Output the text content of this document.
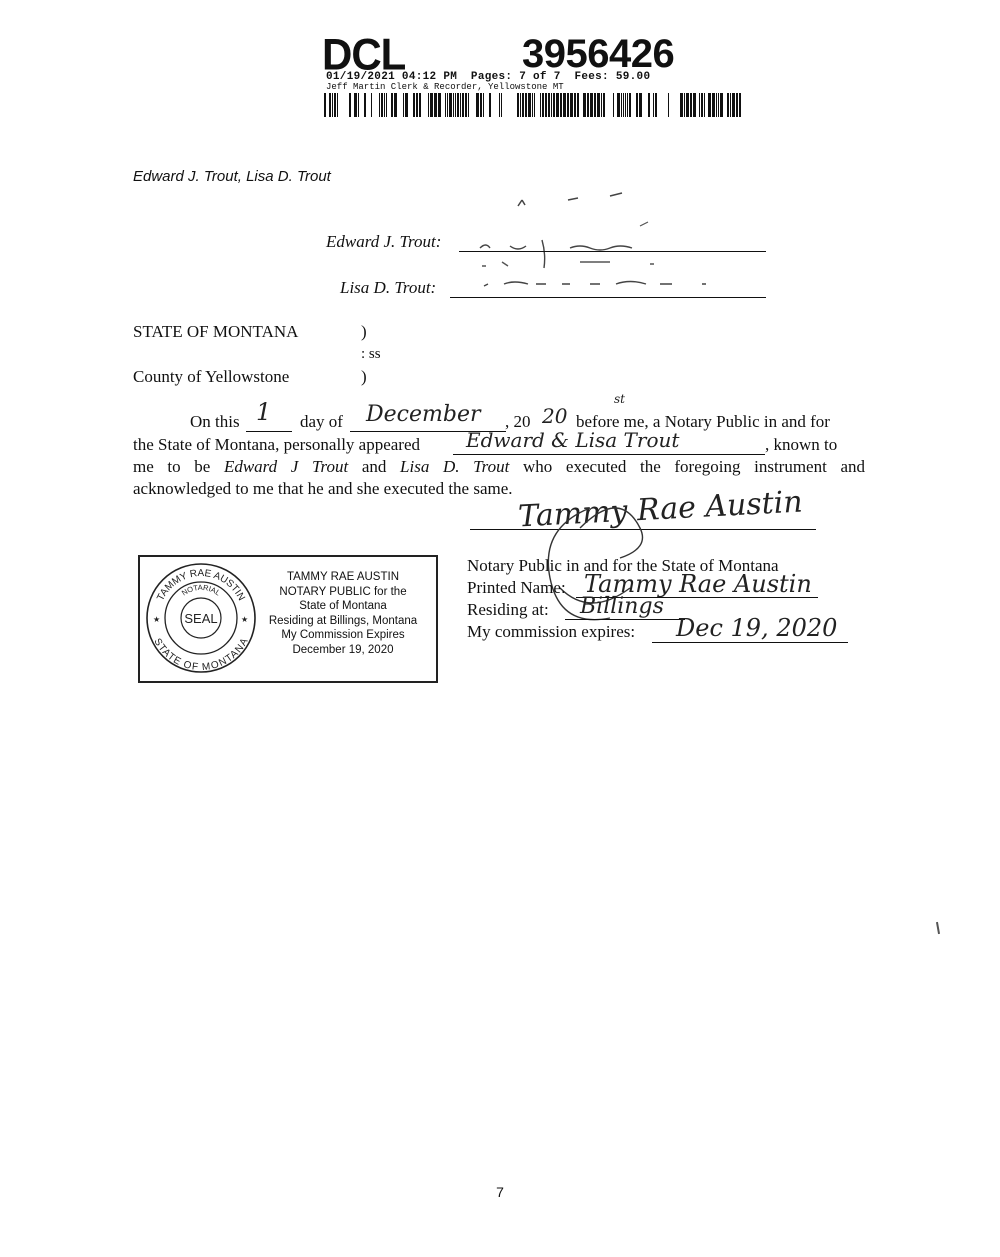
DCL	3956426
01/19/2021 04:12 PM  Pages: 7 of 7  Fees: 59.00
Jeff Martin Clerk & Recorder, Yellowstone MT
Edward J. Trout, Lisa D. Trout
Edward J. Trout:
Lisa D. Trout:
STATE OF MONTANA	)
: ss
County of Yellowstone	)
On this 1 day of December , 20 20
st
before me, a Notary Public in and for
the State of Montana, personally appeared Edward & Lisa Trout	, known to
me to be Edward J Trout and Lisa D. Trout who executed the foregoing instrument and
acknowledged to me that he and she executed the same. Tammy Rae Austin
Notary Public in and for the State of Montana
Printed Name: Tammy Rae Austin
Residing at: Billings
My commission expires: Dec 19, 2020
TAMMY RAE AUSTIN
NOTARIAL
STATE OF MONTANA
SEAL
★	★
TAMMY RAE AUSTIN
NOTARY PUBLIC for the
State of Montana
Residing at Billings, Montana
My Commission Expires
December 19, 2020
7
